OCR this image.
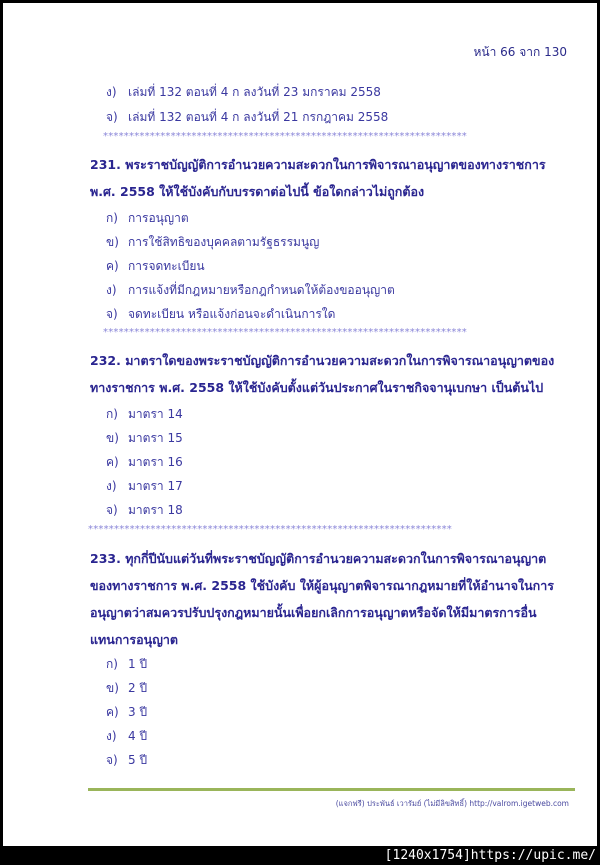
หน้า 66 จาก 130
ง) เล่มที่ 132 ตอนที่ 4 ก ลงวันที่ 23 มกราคม 2558
จ) เล่มที่ 132 ตอนที่ 4 ก ลงวันที่ 21 กรกฎาคม 2558
**********************************************************************
231. พระราชบัญญัติการอำนวยความสะดวกในการพิจารณาอนุญาตของทางราชการ
พ.ศ. 2558 ให้ใช้บังคับกับบรรดาต่อไปนี้ ข้อใดกล่าวไม่ถูกต้อง
ก) การอนุญาต
ข) การใช้สิทธิของบุคคลตามรัฐธรรมนูญ
ค) การจดทะเบียน
ง) การแจ้งที่มีกฎหมายหรือกฎกำหนดให้ต้องขออนุญาต
จ) จดทะเบียน หรือแจ้งก่อนจะดำเนินการใด
**********************************************************************
232. มาตราใดของพระราชบัญญัติการอำนวยความสะดวกในการพิจารณาอนุญาตของ
ทางราชการ พ.ศ. 2558 ให้ใช้บังคับตั้งแต่วันประกาศในราชกิจจานุเบกษา เป็นต้นไป
ก) มาตรา 14
ข) มาตรา 15
ค) มาตรา 16
ง) มาตรา 17
จ) มาตรา 18
**********************************************************************
233. ทุกกี่ปีนับแต่วันที่พระราชบัญญัติการอำนวยความสะดวกในการพิจารณาอนุญาต
ของทางราชการ พ.ศ. 2558 ใช้บังคับ ให้ผู้อนุญาตพิจารณากฎหมายที่ให้อำนาจในการ
อนุญาตว่าสมควรปรับปรุงกฎหมายนั้นเพื่อยกเลิกการอนุญาตหรือจัดให้มีมาตรการอื่น
แทนการอนุญาต
ก) 1 ปี
ข) 2 ปี
ค) 3 ปี
ง) 4 ปี
จ) 5 ปี
(แจกฟรี) ประพันธ์ เวารัมย์ (ไม่มีลิขสิทธิ์) http://valrom.igetweb.com
[1240x1754]https://upic.me/
